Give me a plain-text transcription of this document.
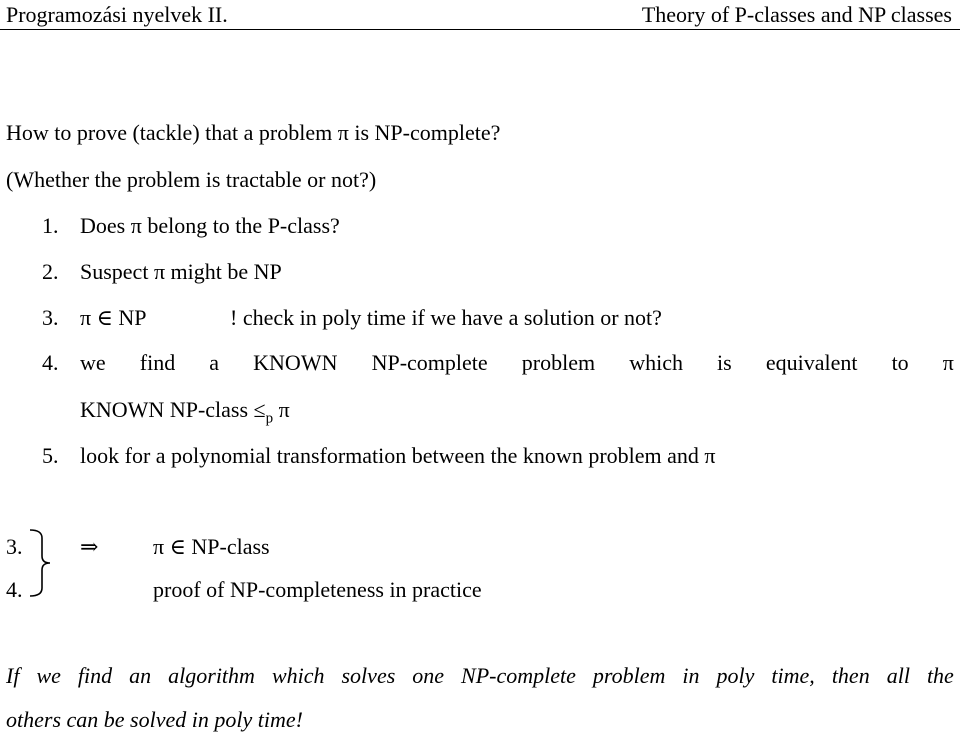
Programozási nyelvek II.	Theory of P-classes and NP classes
How to prove (tackle) that a problem π is NP-complete?
(Whether the problem is tractable or not?)
1. Does π belong to the P-class?
2. Suspect π might be NP
3. π ∈ NP	! check in poly time if we have a solution or not?
4. we find a KNOWN NP-complete problem which is equivalent to π
KNOWN NP-class $\le_p$ π
5. look for a polynomial transformation between the known problem and π
3.
4.
⇒ π ∈ NP-class
proof of NP-completeness in practice
If we find an algorithm which solves one NP-complete problem in poly time, then all the
others can be solved in poly time!
